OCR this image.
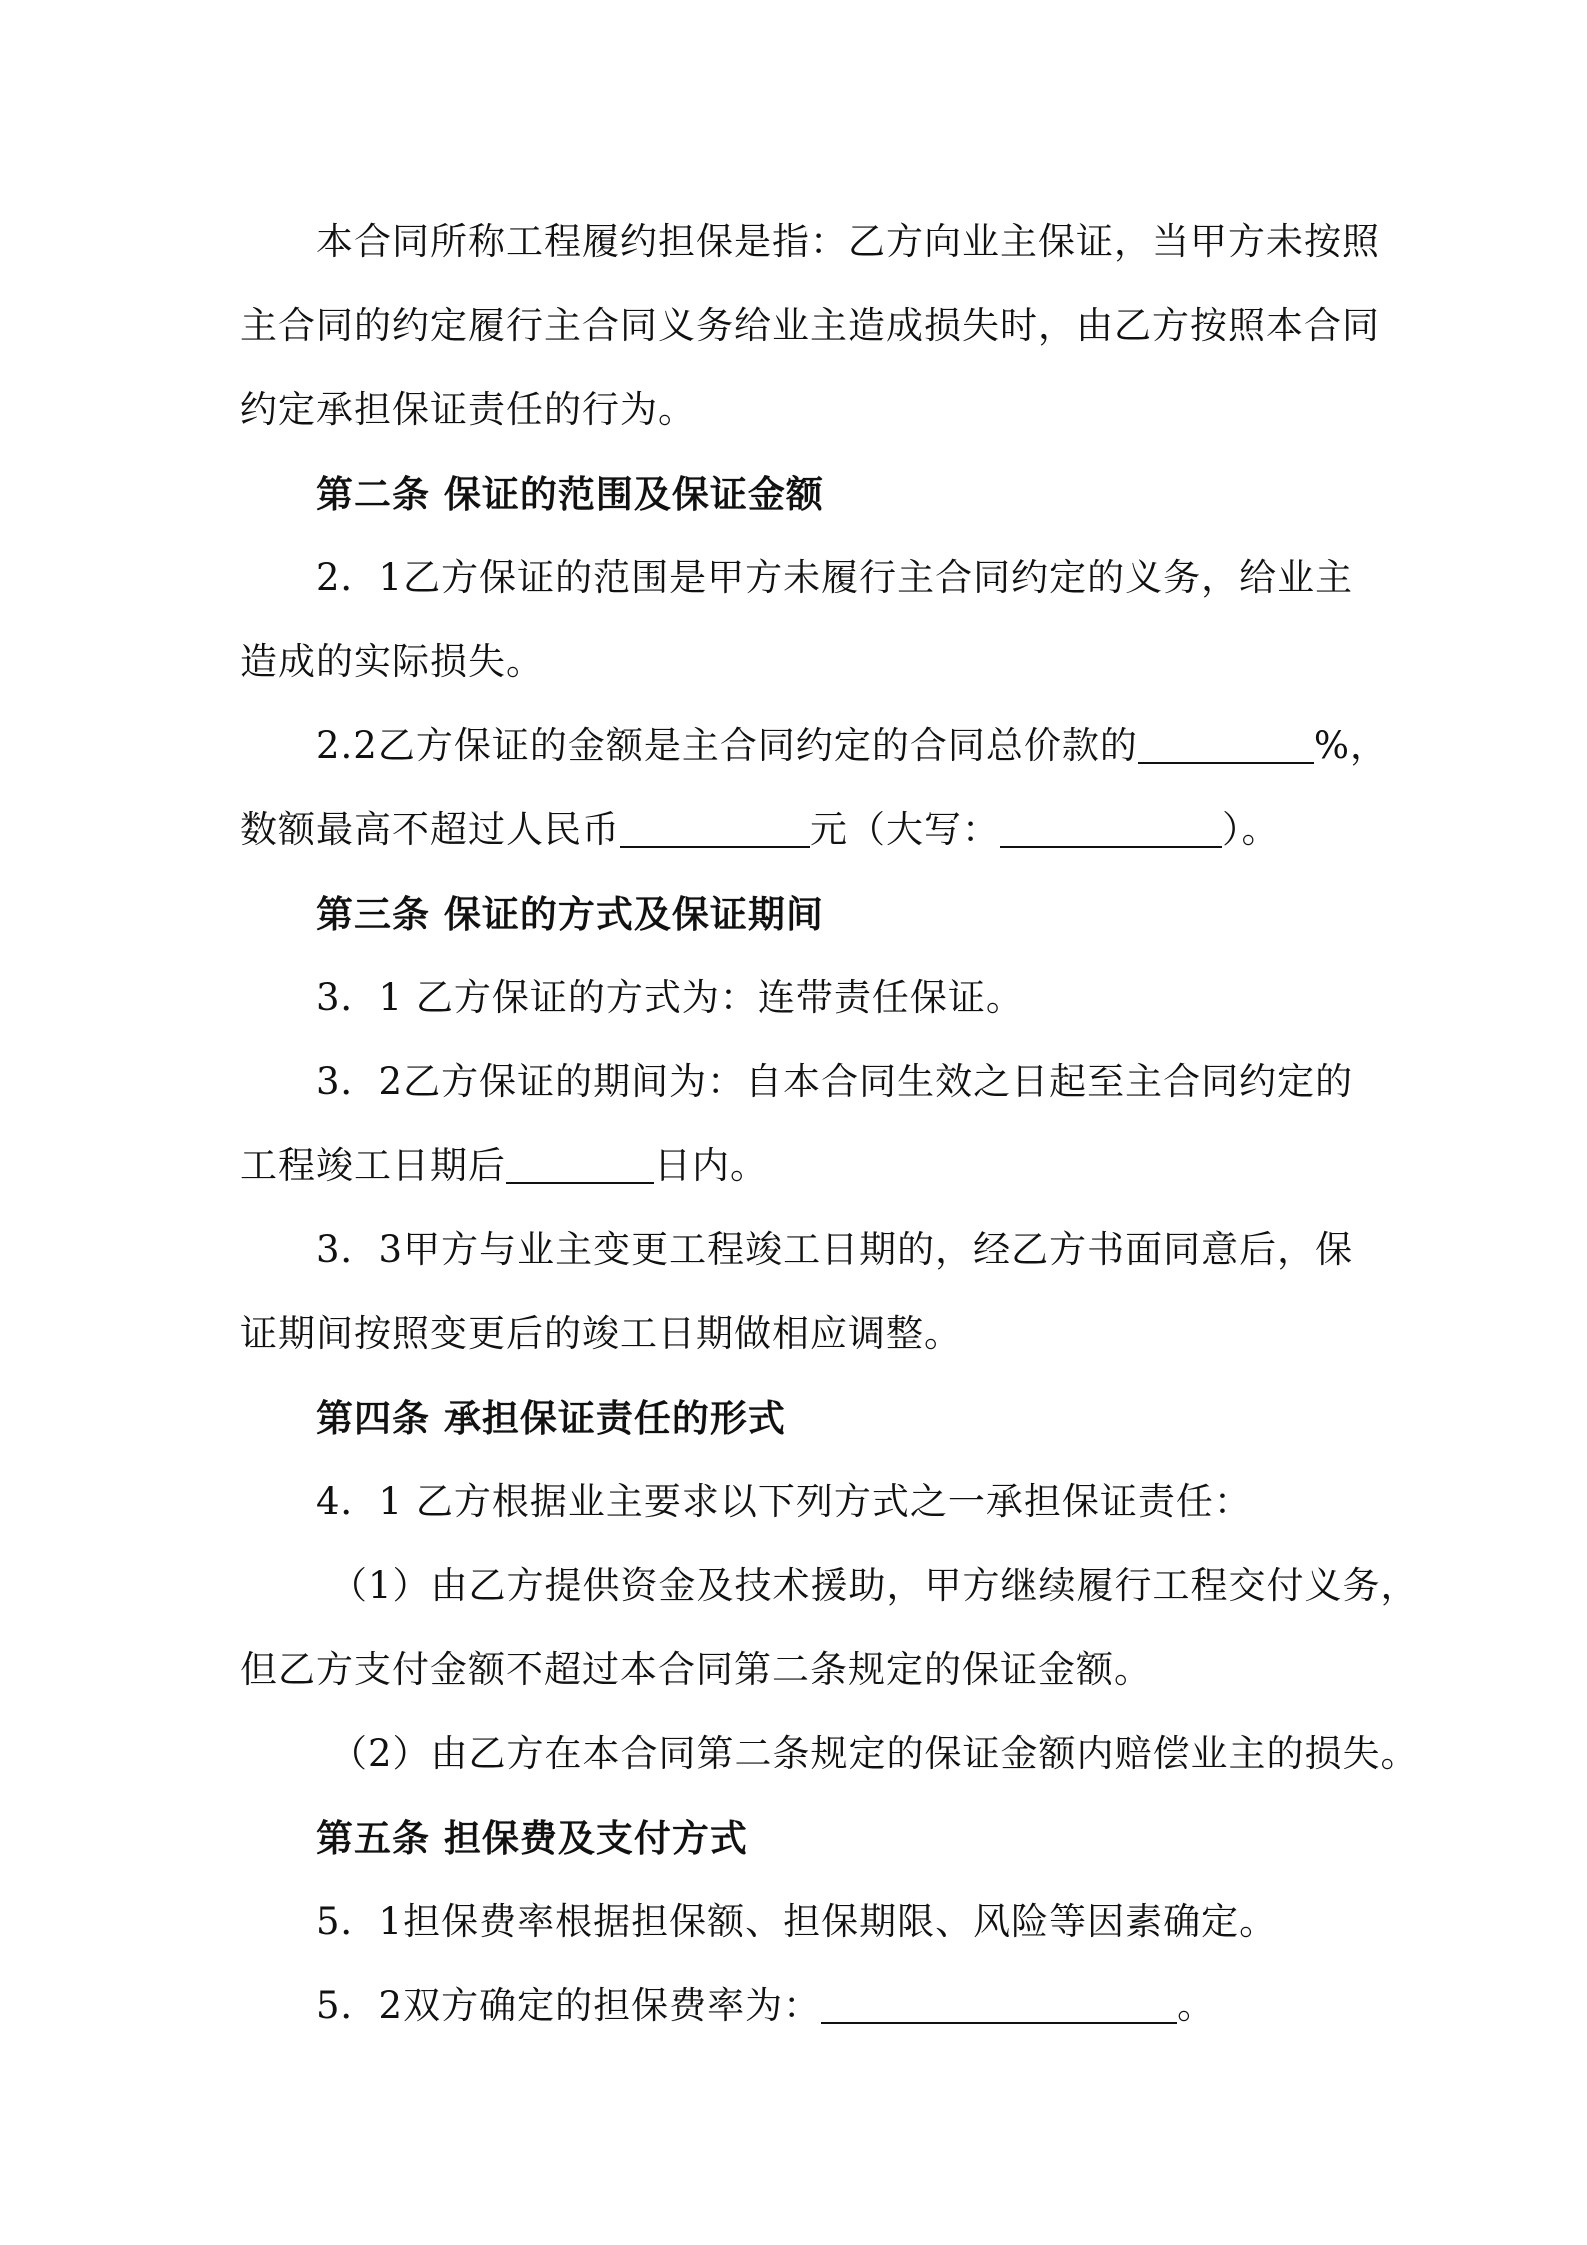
本合同所称工程履约担保是指：乙方向业主保证，当甲方未按照
主合同的约定履行主合同义务给业主造成损失时，由乙方按照本合同
约定承担保证责任的行为。
第二条 保证的范围及保证金额
2．1乙方保证的范围是甲方未履行主合同约定的义务，给业主
造成的实际损失。
2.2乙方保证的金额是主合同约定的合同总价款的	%，
数额最高不超过人民币	元（大写：	）。
第三条 保证的方式及保证期间
3．1 乙方保证的方式为：连带责任保证。
3．2乙方保证的期间为：自本合同生效之日起至主合同约定的
工程竣工日期后	日内。
3．3甲方与业主变更工程竣工日期的，经乙方书面同意后，保
证期间按照变更后的竣工日期做相应调整。
第四条 承担保证责任的形式
4．1 乙方根据业主要求以下列方式之一承担保证责任：
（1）由乙方提供资金及技术援助，甲方继续履行工程交付义务，
但乙方支付金额不超过本合同第二条规定的保证金额。
（2）由乙方在本合同第二条规定的保证金额内赔偿业主的损失。
第五条 担保费及支付方式
5．1担保费率根据担保额、担保期限、风险等因素确定。
5．2双方确定的担保费率为：	。
